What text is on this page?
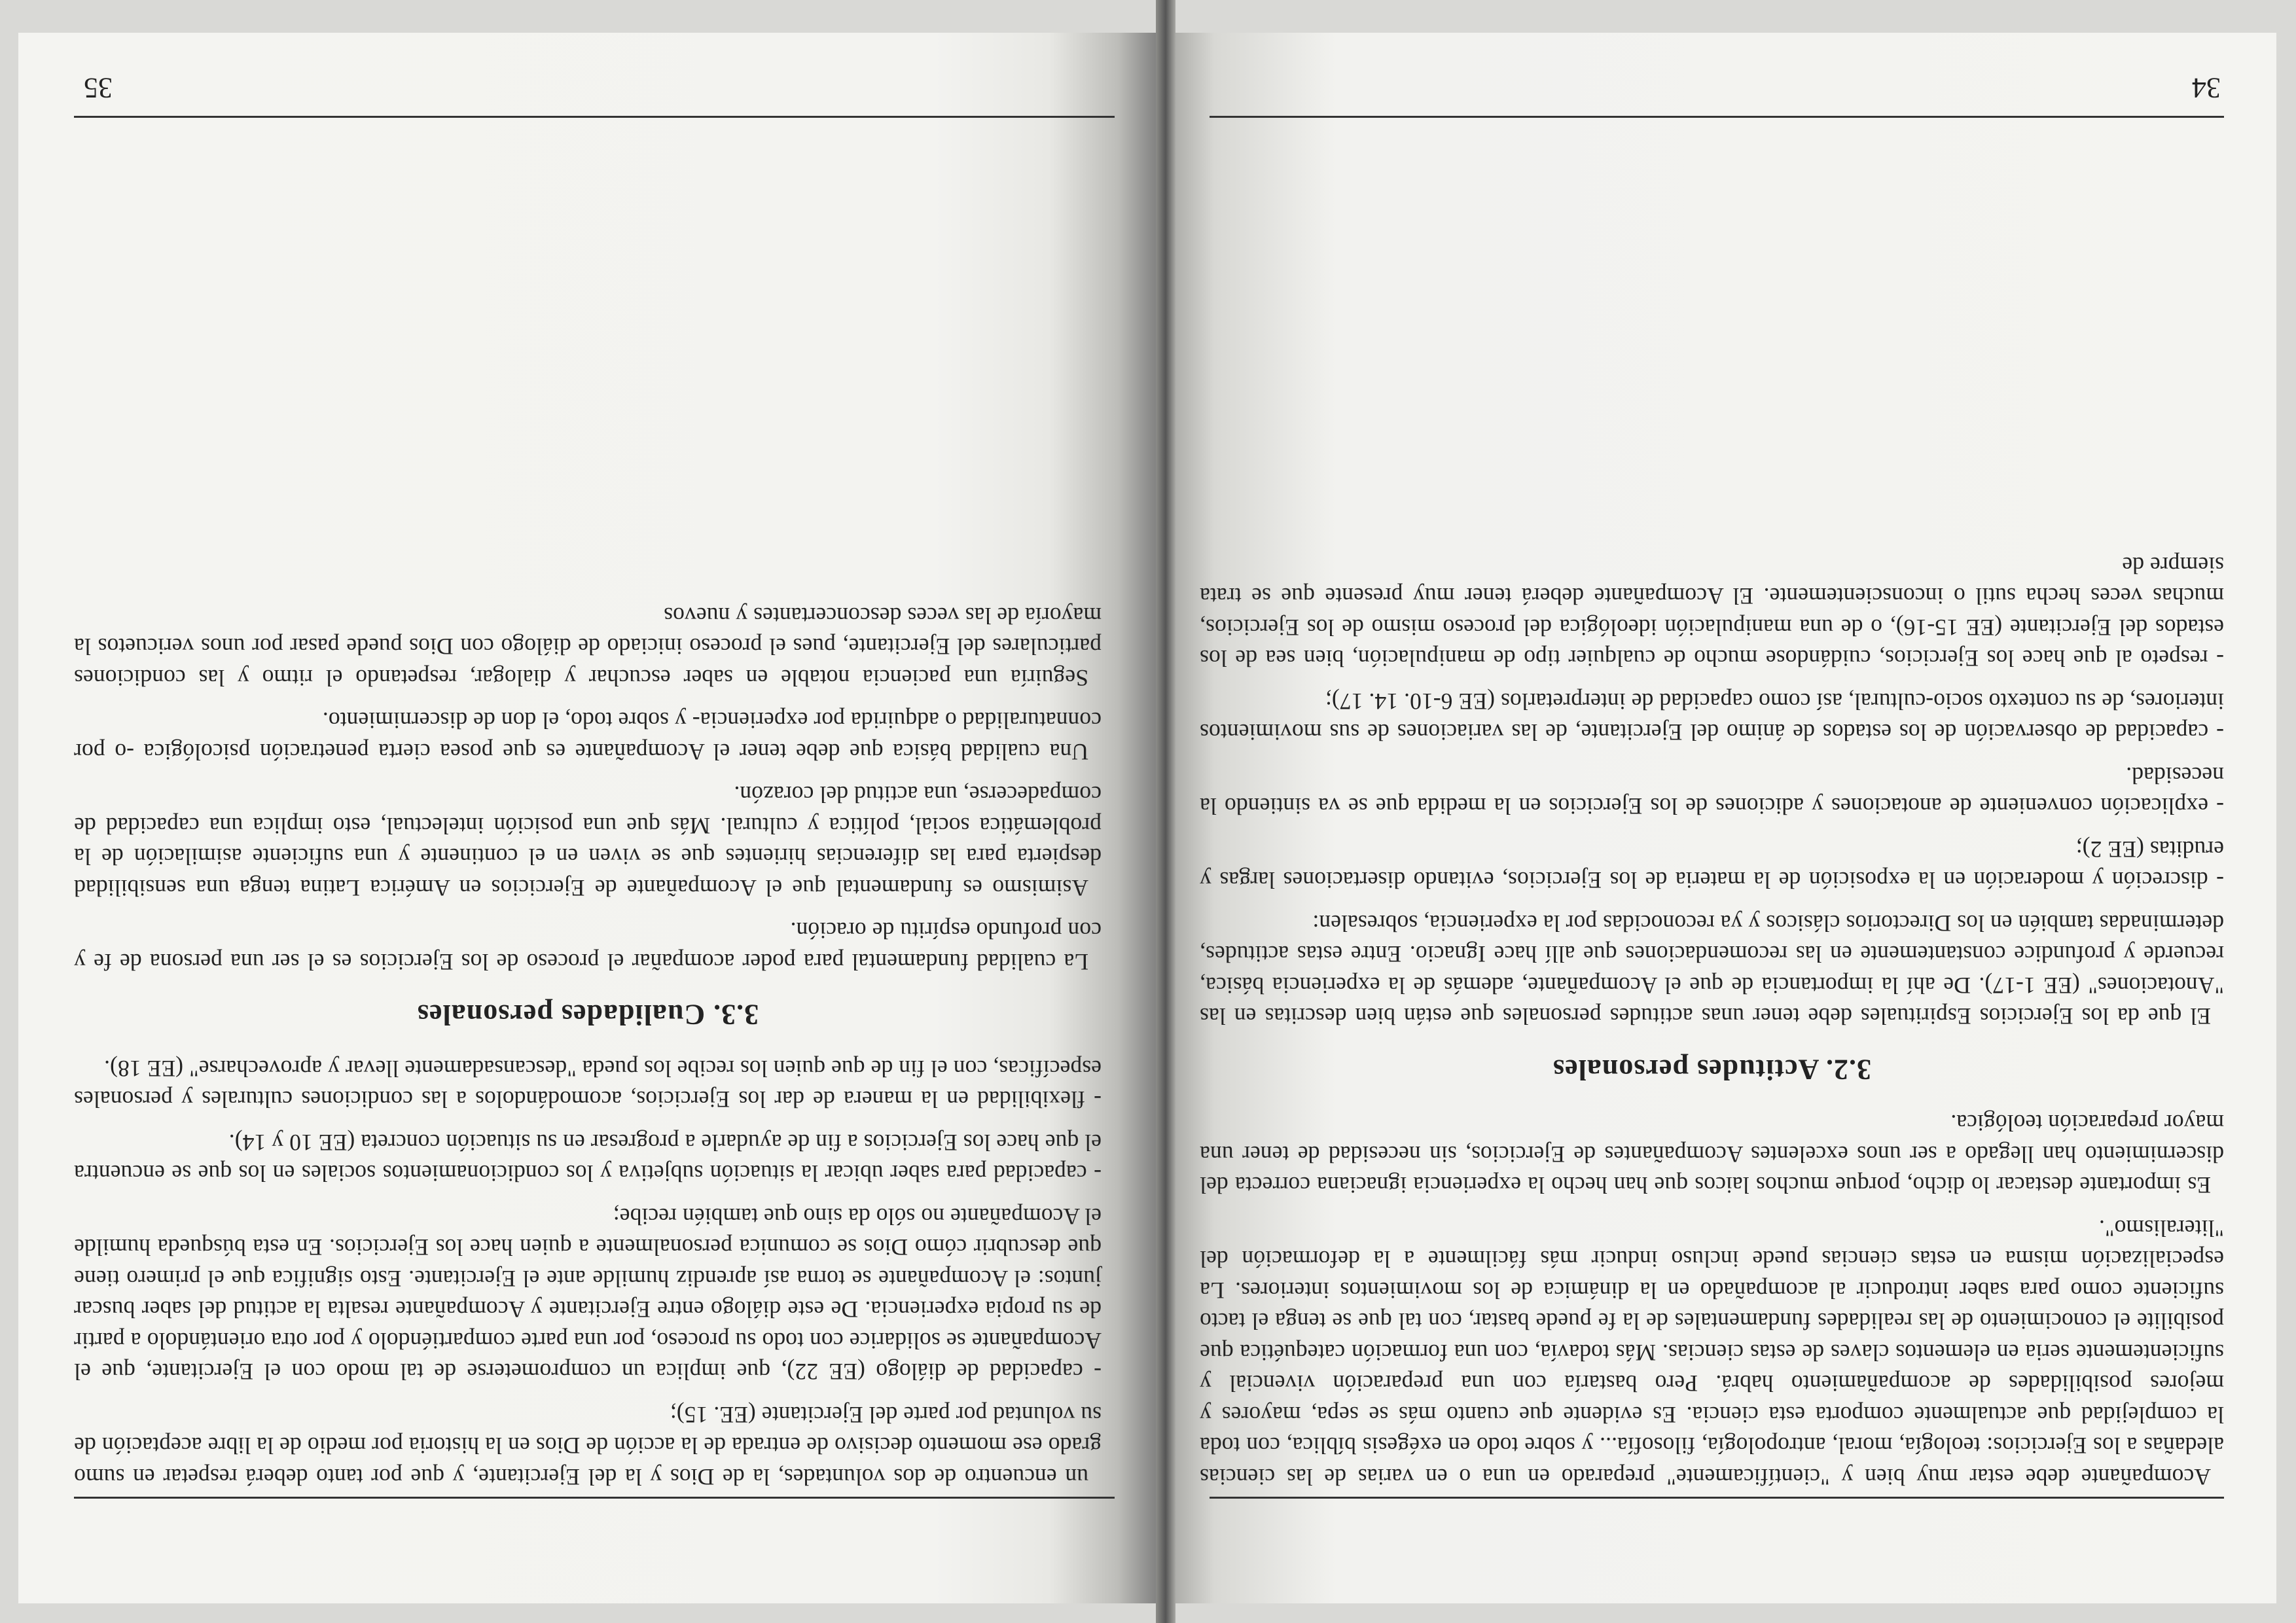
Acompañante debe estar muy bien y "científicamente" preparado en una o en varias de las ciencias aledañas a los Ejercicios: teología, moral, antropología, filosofía... y sobre todo en exégesis bíblica, con toda la complejidad que actualmente comporta esta ciencia. Es evidente que cuanto más se sepa, mayores y mejores posibilidades de acompañamiento habrá. Pero bastaría con una preparación vivencial y suficientemente seria en elementos claves de estas ciencias. Más todavía, con una formación catequética que posibilite el conocimiento de las realidades fundamentales de la fe puede bastar, con tal que se tenga el tacto suficiente como para saber introducir al acompañado en la dinámica de los movimientos interiores. La especialización misma en estas ciencias puede incluso inducir más fácilmente a la deformación del "literalismo".

Es importante destacar lo dicho, porque muchos laicos que han hecho la experiencia ignaciana correcta del discernimiento han llegado a ser unos excelentes Acompañantes de Ejercicios, sin necesidad de tener una mayor preparación teológica.

3.2. Actitudes personales

El que da los Ejercicios Espirituales debe tener unas actitudes personales que están bien descritas en las "Anotaciones" (EE 1-17). De ahí la importancia de que el Acompañante, además de la experiencia básica, recuerde y profundice constantemente en las recomendaciones que allí hace Ignacio. Entre estas actitudes, determinadas también en los Directorios clásicos y ya reconocidas por la experiencia, sobresalen:

- discreción y moderación en la exposición de la materia de los Ejercicios, evitando disertaciones largas y eruditas (EE 2);

- explicación conveniente de anotaciones y adiciones de los Ejercicios en la medida que se va sintiendo la necesidad.

- capacidad de observación de los estados de ánimo del Ejercitante, de las variaciones de sus movimientos interiores, de su contexto socio-cultural, así como capacidad de interpretarlos (EE 6-10. 14. 17);

- respeto al que hace los Ejercicios, cuidándose mucho de cualquier tipo de manipulación, bien sea de los estados del Ejercitante (EE 15-16), o de una manipulación ideológica del proceso mismo de los Ejercicios, muchas veces hecha sutil o inconscientemente. El Acompañante deberá tener muy presente que se trata siempre de

34

un encuentro de dos voluntades, la de Dios y la del Ejercitante, y que por tanto deberá respetar en sumo grado ese momento decisivo de entrada de la acción de Dios en la historia por medio de la libre aceptación de su voluntad por parte del Ejercitante (EE. 15);

- capacidad de diálogo (EE 22), que implica un comprometerse de tal modo con el Ejercitante, que el Acompañante se solidarice con todo su proceso, por una parte compartiéndolo y por otra orientándolo a partir de su propia experiencia. De este diálogo entre Ejercitante y Acompañante resalta la actitud del saber buscar juntos: el Acompañante se torna así aprendiz humilde ante el Ejercitante. Esto significa que el primero tiene que descubrir cómo Dios se comunica personalmente a quien hace los Ejercicios. En esta búsqueda humilde el Acompañante no sólo da sino que también recibe;

- capacidad para saber ubicar la situación subjetiva y los condicionamientos sociales en los que se encuentra el que hace los Ejercicios a fin de ayudarle a progresar en su situación concreta (EE 10 y 14).

- flexibilidad en la manera de dar los Ejercicios, acomodándolos a las condiciones culturales y personales específicas, con el fin de que quien los recibe los pueda "descansadamente llevar y aprovecharse" (EE 18).

3.3. Cualidades personales

La cualidad fundamental para poder acompañar el proceso de los Ejercicios es el ser una persona de fe y con profundo espíritu de oración.

Asimismo es fundamental que el Acompañante de Ejercicios en América Latina tenga una sensibilidad despierta para las diferencias hirientes que se viven en el continente y una suficiente asimilación de la problemática social, política y cultural. Más que una posición intelectual, esto implica una capacidad de compadecerse, una actitud del corazón.

Una cualidad básica que debe tener el Acompañante es que posea cierta penetración psicológica -o por connaturalidad o adquirida por experiencia- y sobre todo, el don de discernimiento.

Seguiría una paciencia notable en saber escuchar y dialogar, respetando el ritmo y las condiciones particulares del Ejercitante, pues el proceso iniciado de diálogo con Dios puede pasar por unos vericuetos la mayoría de las veces desconcertantes y nuevos

35
